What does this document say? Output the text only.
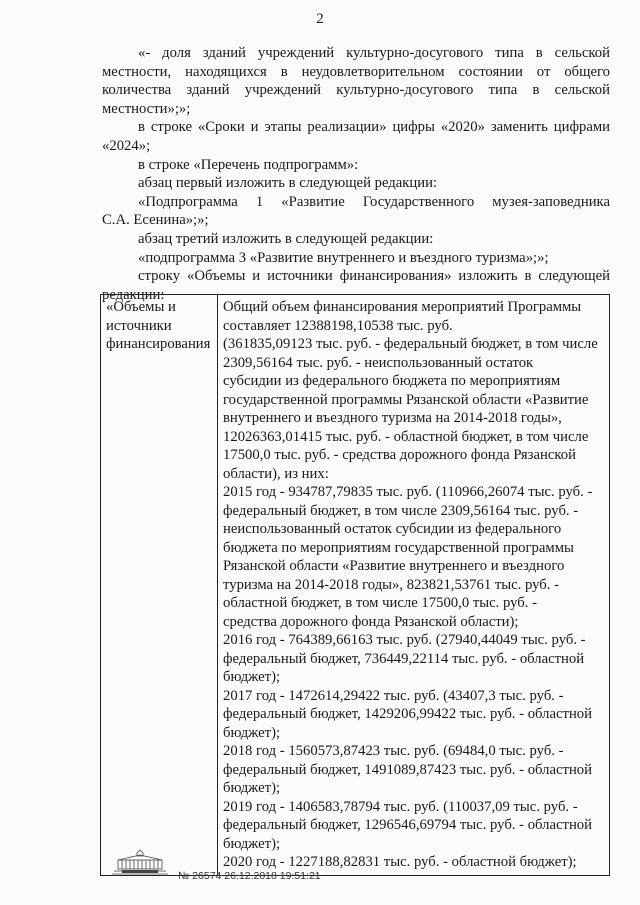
2

«- доля зданий учреждений культурно-досугового типа в сельской

местности, находящихся в неудовлетворительном состоянии от общего

количества зданий учреждений культурно-досугового типа в сельской

местности»;»;

в строке «Сроки и этапы реализации» цифры «2020» заменить цифрами

«2024»;

в строке «Перечень подпрограмм»:

абзац первый изложить в следующей редакции:

«Подпрограмма 1 «Развитие Государственного музея-заповедника

С.А. Есенина»;»;

абзац третий изложить в следующей редакции:

«подпрограмма 3 «Развитие внутреннего и въездного туризма»;»;

строку «Объемы и источники финансирования» изложить в следующей

редакции:

«Объемы и
источники
финансирования

Общий объем финансирования мероприятий Программы
составляет 12388198,10538 тыс. руб.
(361835,09123 тыс. руб. - федеральный бюджет, в том числе
2309,56164 тыс. руб. - неиспользованный остаток
субсидии из федерального бюджета по мероприятиям
государственной программы Рязанской области «Развитие
внутреннего и въездного туризма на 2014-2018 годы»,
12026363,01415 тыс. руб. - областной бюджет, в том числе
17500,0 тыс. руб. - средства дорожного фонда Рязанской
области), из них:
2015 год - 934787,79835 тыс. руб. (110966,26074 тыс. руб. -
федеральный бюджет, в том числе 2309,56164 тыс. руб. -
неиспользованный остаток субсидии из федерального
бюджета по мероприятиям государственной программы
Рязанской области «Развитие внутреннего и въездного
туризма на 2014-2018 годы», 823821,53761 тыс. руб. -
областной бюджет, в том числе 17500,0 тыс. руб. -
средства дорожного фонда Рязанской области);
2016 год - 764389,66163 тыс. руб. (27940,44049 тыс. руб. -
федеральный бюджет, 736449,22114 тыс. руб. - областной
бюджет);
2017 год - 1472614,29422 тыс. руб. (43407,3 тыс. руб. -
федеральный бюджет, 1429206,99422 тыс. руб. - областной
бюджет);
2018 год - 1560573,87423 тыс. руб. (69484,0 тыс. руб. -
федеральный бюджет, 1491089,87423 тыс. руб. - областной
бюджет);
2019 год - 1406583,78794 тыс. руб. (110037,09 тыс. руб. -
федеральный бюджет, 1296546,69794 тыс. руб. - областной
бюджет);
2020 год - 1227188,82831 тыс. руб. - областной бюджет);
№ 26574 26.12.2018 19:51:21
